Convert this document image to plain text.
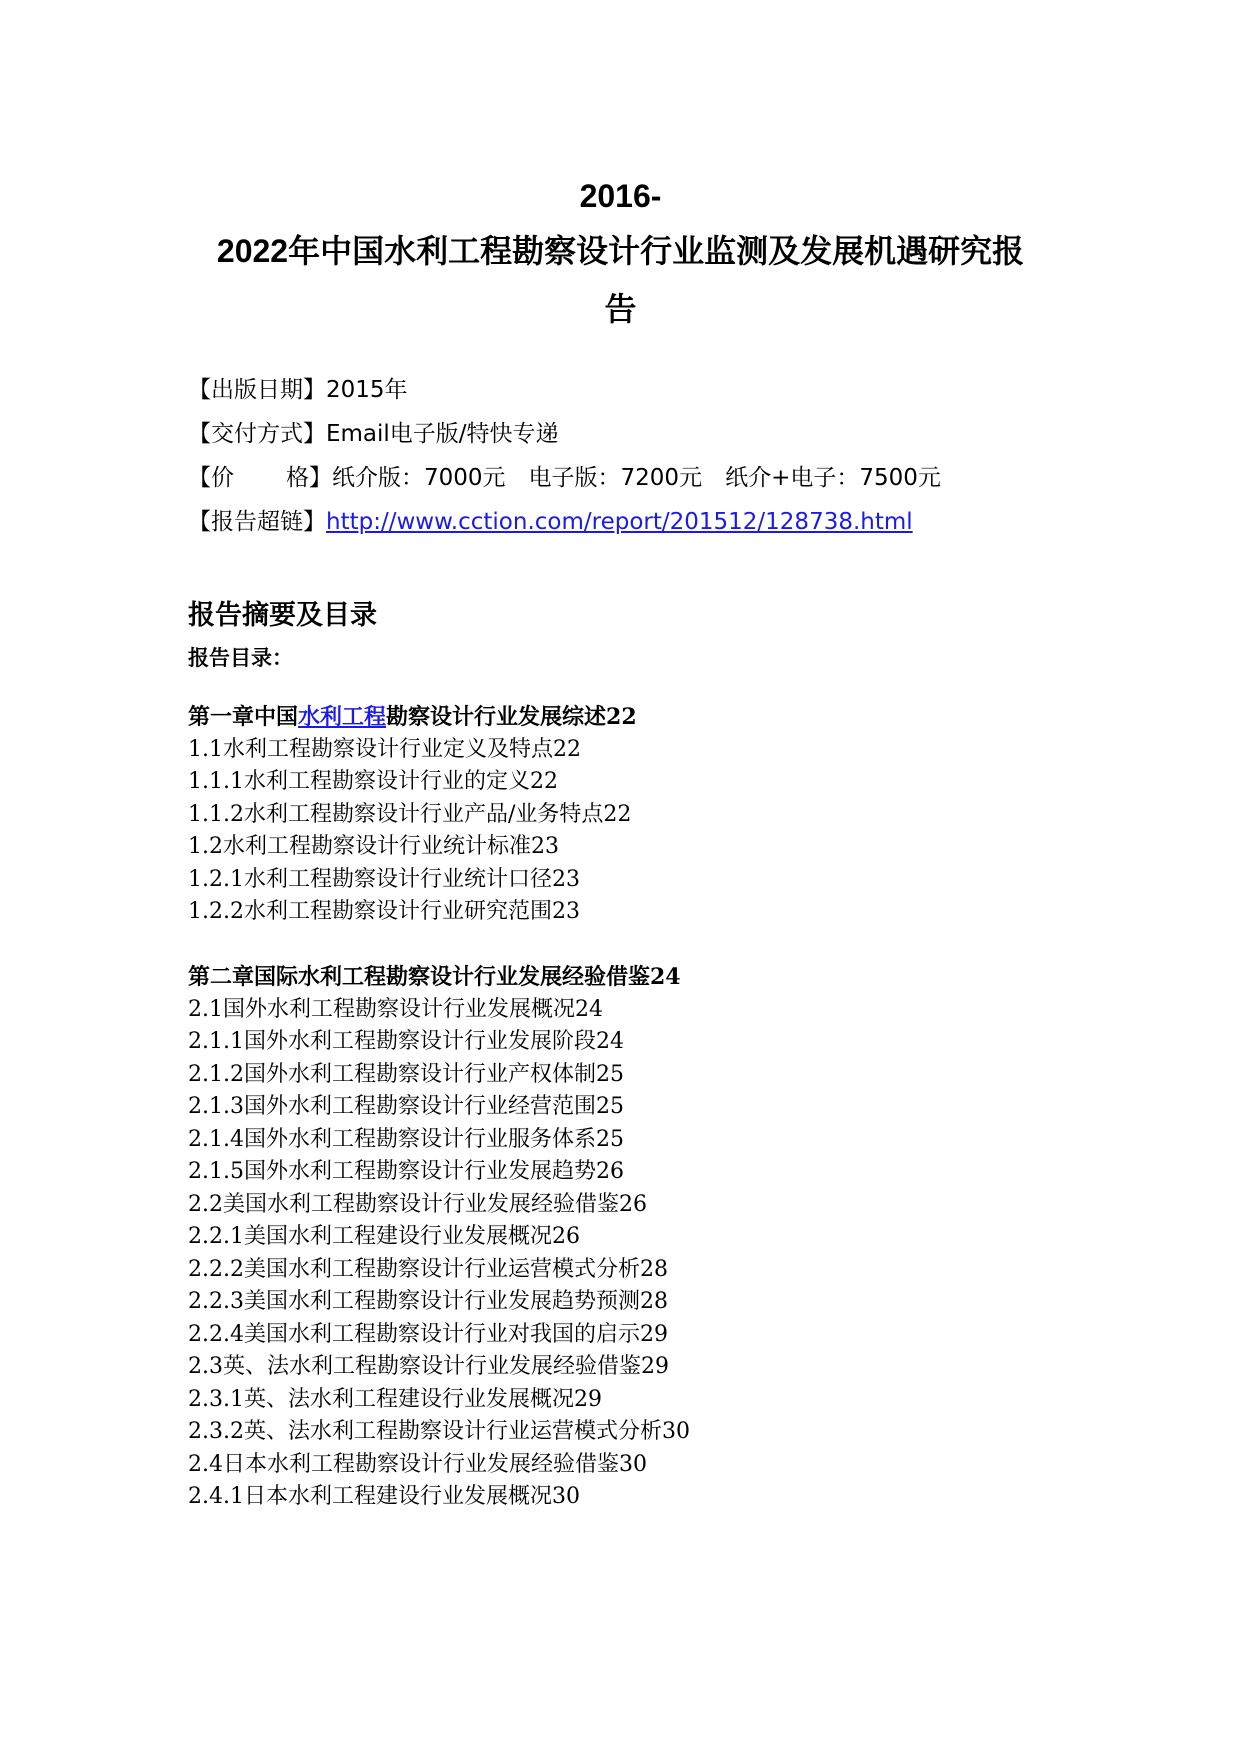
2016-
2022年中国水利工程勘察设计行业监测及发展机遇研究报
告
【出版日期】2015年
【交付方式】Email电子版/特快专递
【价 格】纸介版：7000元　电子版：7200元　纸介+电子：7500元
【报告超链】http://www.cction.com/report/201512/128738.html
报告摘要及目录
报告目录：
第一章中国水利工程勘察设计行业发展综述22
1.1水利工程勘察设计行业定义及特点22
1.1.1水利工程勘察设计行业的定义22
1.1.2水利工程勘察设计行业产品/业务特点22
1.2水利工程勘察设计行业统计标准23
1.2.1水利工程勘察设计行业统计口径23
1.2.2水利工程勘察设计行业研究范围23
第二章国际水利工程勘察设计行业发展经验借鉴24
2.1国外水利工程勘察设计行业发展概况24
2.1.1国外水利工程勘察设计行业发展阶段24
2.1.2国外水利工程勘察设计行业产权体制25
2.1.3国外水利工程勘察设计行业经营范围25
2.1.4国外水利工程勘察设计行业服务体系25
2.1.5国外水利工程勘察设计行业发展趋势26
2.2美国水利工程勘察设计行业发展经验借鉴26
2.2.1美国水利工程建设行业发展概况26
2.2.2美国水利工程勘察设计行业运营模式分析28
2.2.3美国水利工程勘察设计行业发展趋势预测28
2.2.4美国水利工程勘察设计行业对我国的启示29
2.3英、法水利工程勘察设计行业发展经验借鉴29
2.3.1英、法水利工程建设行业发展概况29
2.3.2英、法水利工程勘察设计行业运营模式分析30
2.4日本水利工程勘察设计行业发展经验借鉴30
2.4.1日本水利工程建设行业发展概况30
